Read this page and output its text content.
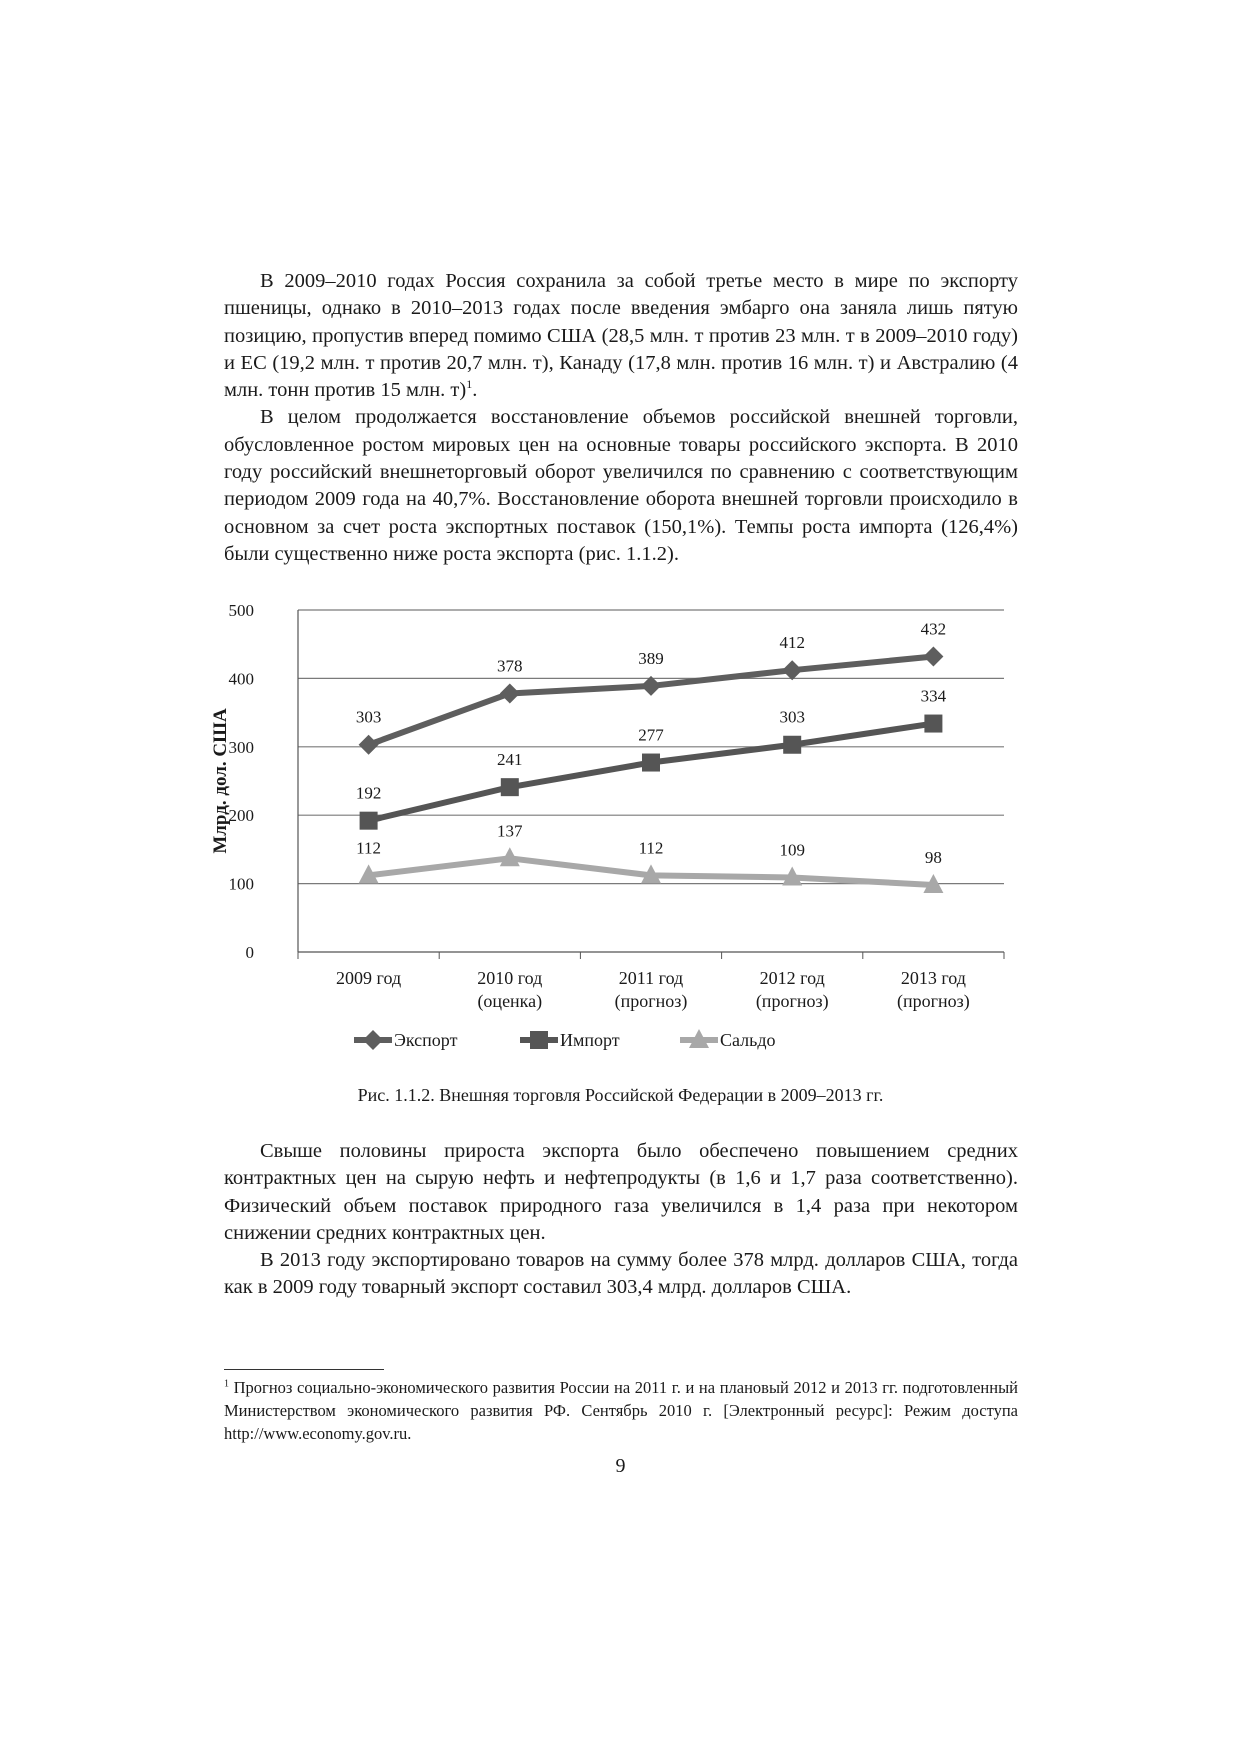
В 2009–2010 годах Россия сохранила за собой третье место в мире по экспорту пшеницы, однако в 2010–2013 годах после введения эмбарго она заняла лишь пятую позицию, пропустив вперед помимо США (28,5 млн. т против 23 млн. т в 2009–2010 году) и ЕС (19,2 млн. т против 20,7 млн. т), Канаду (17,8 млн. против 16 млн. т) и Австралию (4 млн. тонн против 15 млн. т)$^1$.

В целом продолжается восстановление объемов российской внешней торговли, обусловленное ростом мировых цен на основные товары российского экспорта. В 2010 году российский внешнеторговый оборот увеличился по сравнению с соответствующим периодом 2009 года на 40,7%. Восстановление оборота внешней торговли происходило в основном за счет роста экспортных поставок (150,1%). Темпы роста импорта (126,4%) были существенно ниже роста экспорта (рис. 1.1.2).

0
100
200
300
400
500
Млрд. дол. США
2009 год	2010 год
(оценка)
2011 год
(прогноз)
2012 год
(прогноз)
2013 год
(прогноз)
303
378	389
412
432
192
241
277
303
334
112
137
112	109	98
Экспорт	Импорт	Сальдо
Рис. 1.1.2. Внешняя торговля Российской Федерации в 2009–2013 гг.

Свыше половины прироста экспорта было обеспечено повышением средних контрактных цен на сырую нефть и нефтепродукты (в 1,6 и 1,7 раза соответственно). Физический объем поставок природного газа увеличился в 1,4 раза при некотором снижении средних контрактных цен.

В 2013 году экспортировано товаров на сумму более 378 млрд. долларов США, тогда как в 2009 году товарный экспорт составил 303,4 млрд. долларов США.

$^1$ Прогноз социально-экономического развития России на 2011 г. и на плановый 2012 и 2013 гг. подготовленный Министерством экономического развития РФ. Сентябрь 2010 г. [Электронный ресурс]: Режим доступа http://www.economy.gov.ru.
9
